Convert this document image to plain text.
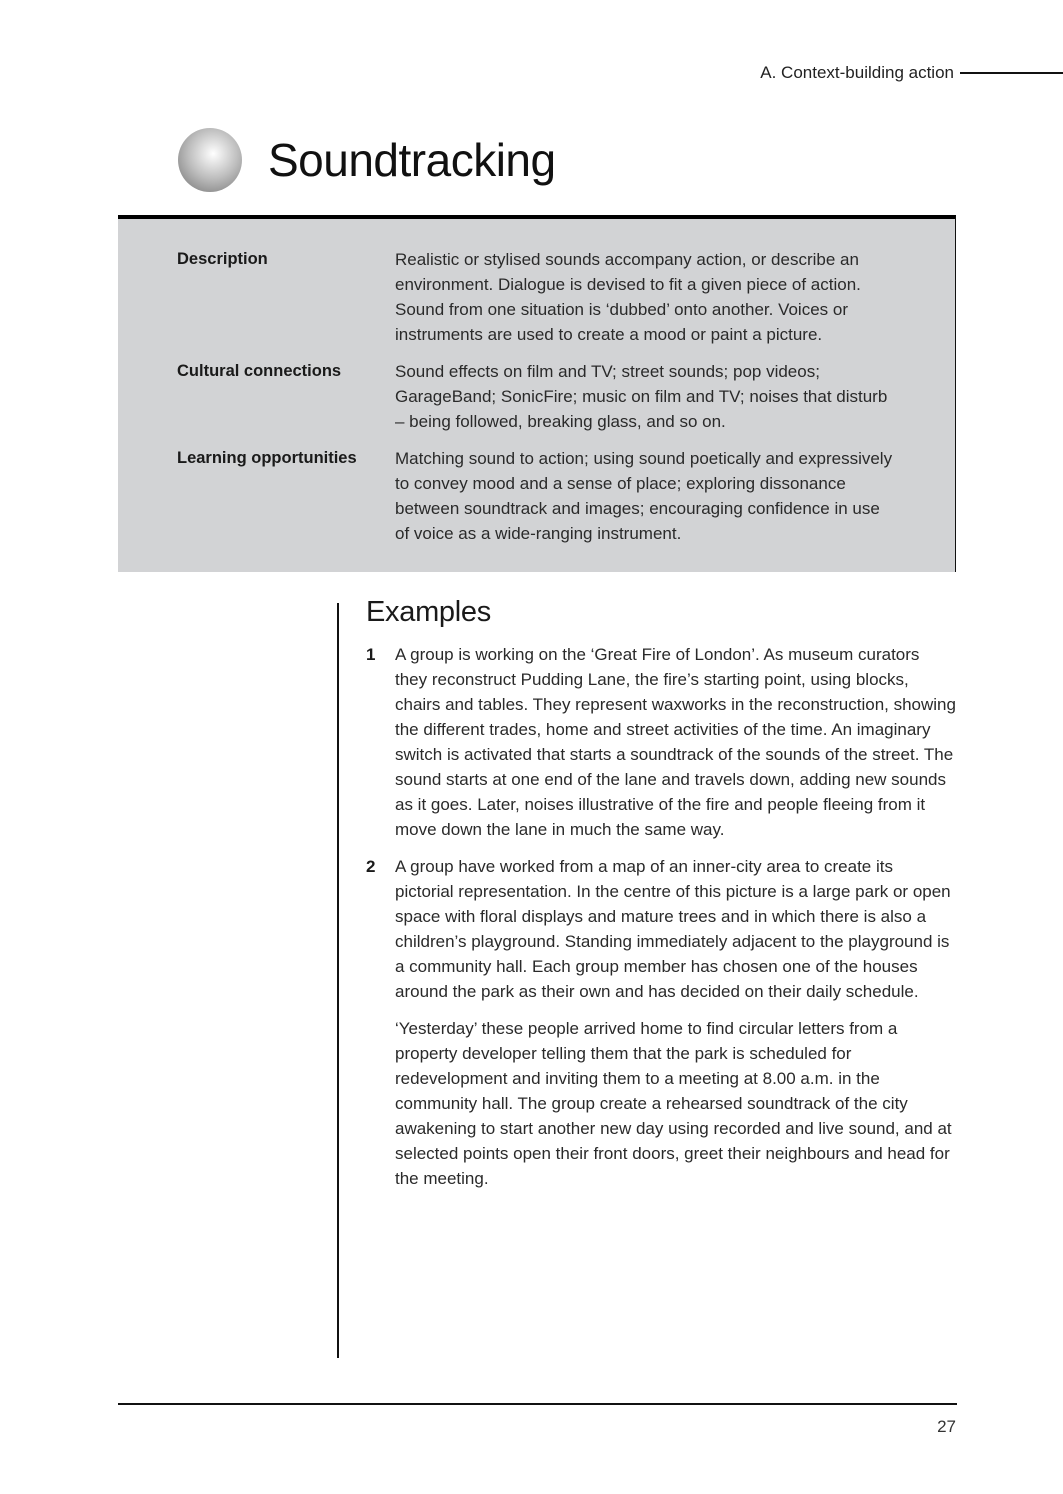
A. Context-building action
Soundtracking
Description	Realistic or stylised sounds accompany action, or describe an environment. Dialogue is devised to fit a given piece of action. Sound from one situation is ‘dubbed’ onto another. Voices or instruments are used to create a mood or paint a picture.
Cultural connections	Sound effects on film and TV; street sounds; pop videos; GarageBand; SonicFire; music on film and TV; noises that disturb – being followed, breaking glass, and so on.
Learning opportunities	Matching sound to action; using sound poetically and expressively to convey mood and a sense of place; exploring dissonance between soundtrack and images; encouraging confidence in use of voice as a wide-ranging instrument.
Examples
1	A group is working on the ‘Great Fire of London’. As museum curators they reconstruct Pudding Lane, the fire’s starting point, using blocks, chairs and tables. They represent waxworks in the reconstruction, showing the different trades, home and street activities of the time. An imaginary switch is activated that starts a soundtrack of the sounds of the street. The sound starts at one end of the lane and travels down, adding new sounds as it goes. Later, noises illustrative of the fire and people fleeing from it move down the lane in much the same way.

2	A group have worked from a map of an inner-city area to create its pictorial representation. In the centre of this picture is a large park or open space with floral displays and mature trees and in which there is also a children’s playground. Standing immediately adjacent to the playground is a community hall. Each group member has chosen one of the houses around the park as their own and has decided on their daily schedule.

‘Yesterday’ these people arrived home to find circular letters from a property developer telling them that the park is scheduled for redevelopment and inviting them to a meeting at 8.00 a.m. in the community hall. The group create a rehearsed soundtrack of the city awakening to start another new day using recorded and live sound, and at selected points open their front doors, greet their neighbours and head for the meeting.

27
